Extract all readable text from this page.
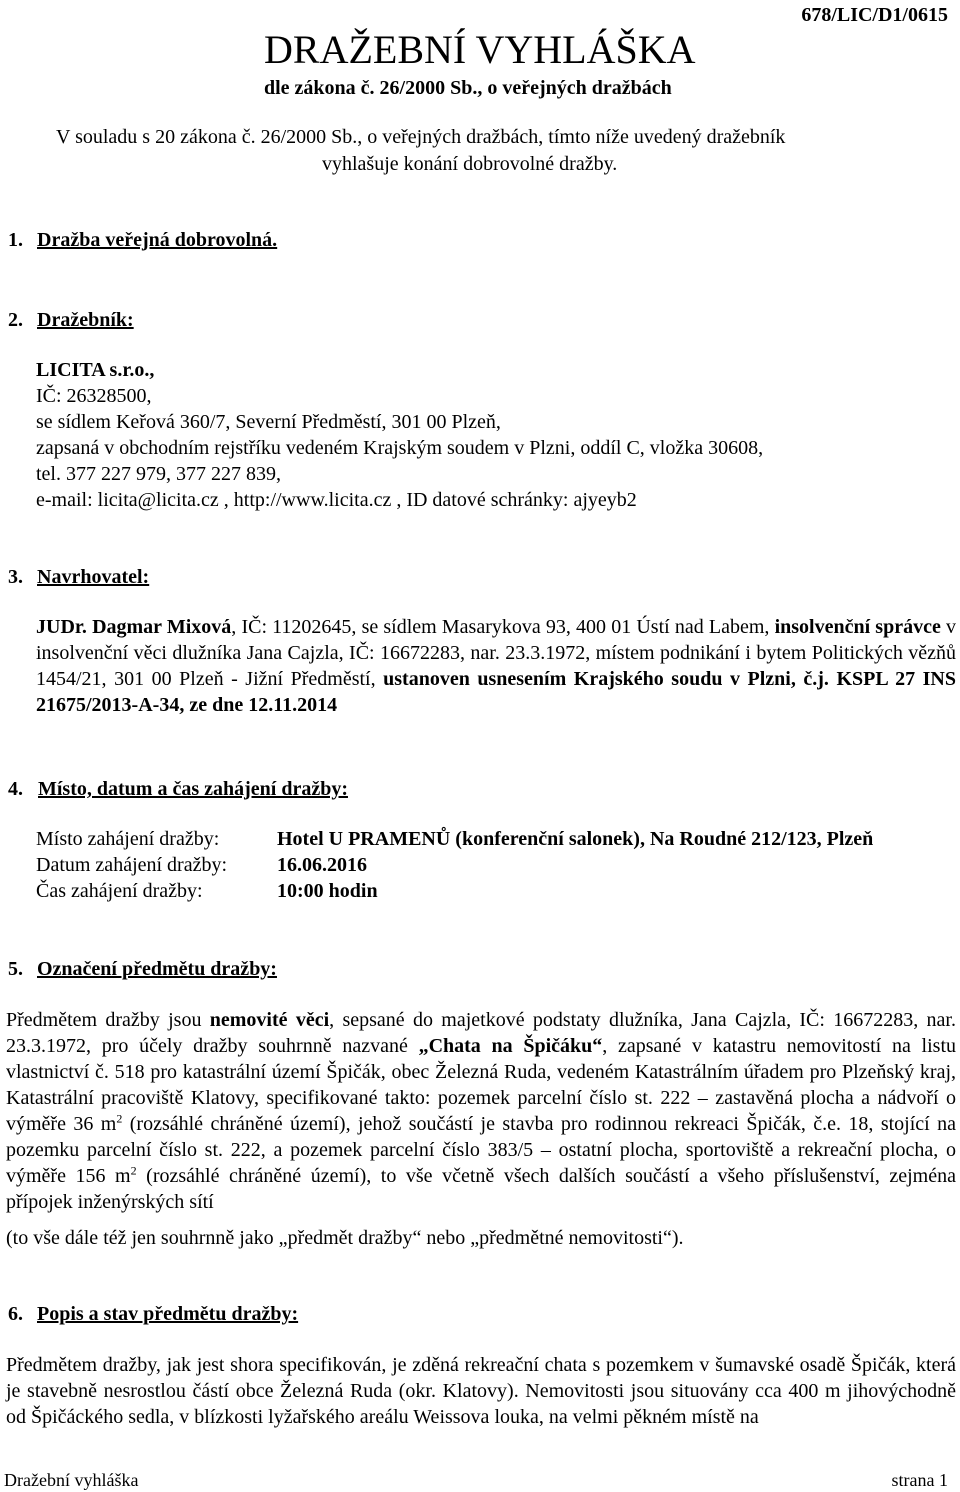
678/LIC/D1/0615
DRAŽEBNÍ VYHLÁŠKA
dle zákona č. 26/2000 Sb., o veřejných dražbách
V souladu s 20 zákona č. 26/2000 Sb., o veřejných dražbách, tímto níže uvedený dražebník
vyhlašuje konání dobrovolné dražby.
1. Dražba veřejná dobrovolná.
2. Dražebník:
LICITA s.r.o.,
IČ: 26328500,
se sídlem Keřová 360/7, Severní Předměstí, 301 00 Plzeň,
zapsaná v obchodním rejstříku vedeném Krajským soudem v Plzni, oddíl C, vložka 30608,
tel. 377 227 979, 377 227 839,
e-mail: licita@licita.cz , http://www.licita.cz , ID datové schránky: ajyeyb2
3. Navrhovatel:
JUDr. Dagmar Mixová, IČ: 11202645, se sídlem Masarykova 93, 400 01 Ústí nad Labem, insolvenční správce v insolvenční věci dlužníka Jana Cajzla, IČ: 16672283, nar. 23.3.1972, místem podnikání i bytem Politických vězňů 1454/21, 301 00 Plzeň - Jižní Předměstí, ustanoven usnesením Krajského soudu v Plzni, č.j. KSPL 27 INS 21675/2013-A-34, ze dne 12.11.2014
4. Místo, datum a čas zahájení dražby:
Místo zahájení dražby:	Hotel U PRAMENŮ (konferenční salonek), Na Roudné 212/123, Plzeň
Datum zahájení dražby:	16.06.2016
Čas zahájení dražby:	10:00 hodin
5. Označení předmětu dražby:
Předmětem dražby jsou nemovité věci, sepsané do majetkové podstaty dlužníka, Jana Cajzla, IČ: 16672283, nar. 23.3.1972, pro účely dražby souhrnně nazvané „Chata na Špičáku“, zapsané v katastru nemovitostí na listu vlastnictví č. 518 pro katastrální území Špičák, obec Železná Ruda, vedeném Katastrálním úřadem pro Plzeňský kraj, Katastrální pracoviště Klatovy, specifikované takto: pozemek parcelní číslo st. 222 – zastavěná plocha a nádvoří o výměře 36 $m^2$ (rozsáhlé chráněné území), jehož součástí je stavba pro rodinnou rekreaci Špičák, č.e. 18, stojící na pozemku parcelní číslo st. 222, a pozemek parcelní číslo 383/5 – ostatní plocha, sportoviště a rekreační plocha, o výměře 156 $m^2$ (rozsáhlé chráněné území), to vše včetně všech dalších součástí a všeho příslušenství, zejména přípojek inženýrských sítí
(to vše dále též jen souhrnně jako „předmět dražby“ nebo „předmětné nemovitosti“).
6. Popis a stav předmětu dražby:
Předmětem dražby, jak jest shora specifikován, je zděná rekreační chata s pozemkem v šumavské osadě Špičák, která je stavebně nesrostlou částí obce Železná Ruda (okr. Klatovy). Nemovitosti jsou situovány cca 400 m jihovýchodně od Špičáckého sedla, v blízkosti lyžařského areálu Weissova louka, na velmi pěkném místě na
Dražební vyhláška	strana 1
